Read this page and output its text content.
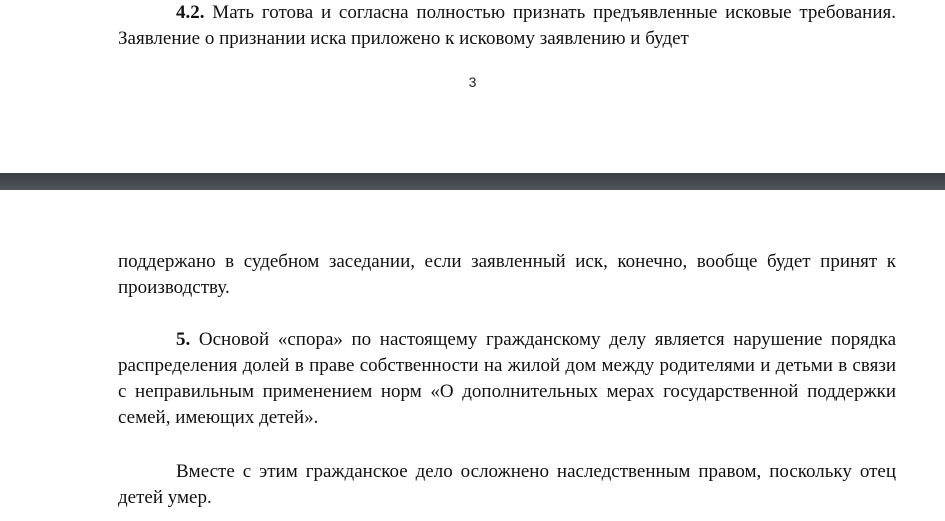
4.2. Мать готова и согласна полностью признать предъявленные исковые требования. Заявление о признании иска приложено к исковому заявлению и будет

3

поддержано в судебном заседании, если заявленный иск, конечно, вообще будет принят к производству.

5. Основой «спора» по настоящему гражданскому делу является нарушение порядка распределения долей в праве собственности на жилой дом между родителями и детьми в связи с неправильным применением норм «О дополнительных мерах государственной поддержки семей, имеющих детей».

Вместе с этим гражданское дело осложнено наследственным правом, поскольку отец детей умер.
